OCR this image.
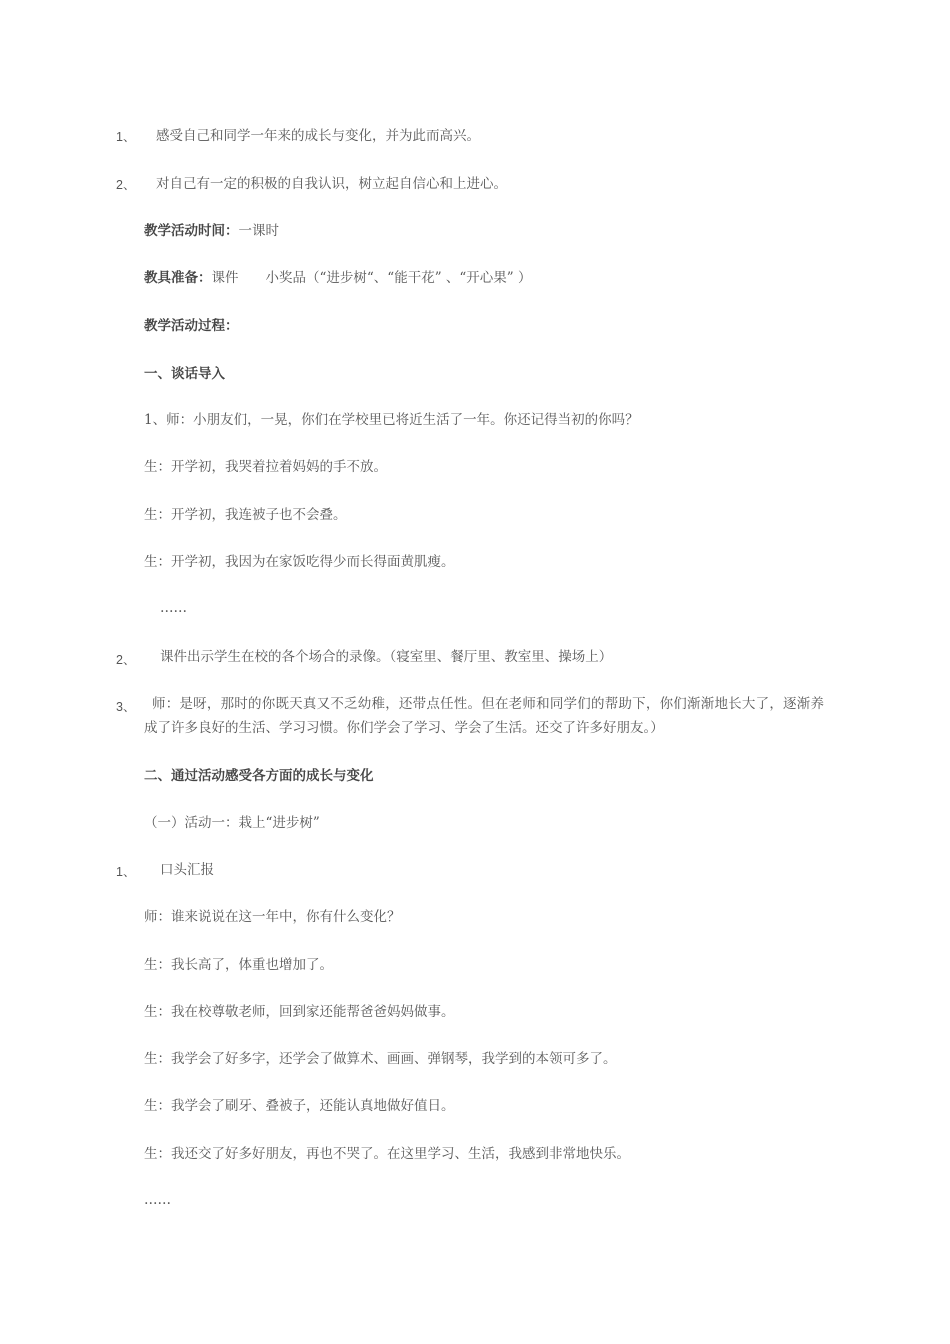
1、 感受自己和同学一年来的成长与变化，并为此而高兴。
2、 对自己有一定的积极的自我认识，树立起自信心和上进心。
教学活动时间：一课时
教具准备：课件　　小奖品（“进步树“、“能干花” 、“开心果” ）
教学活动过程：
一、谈话导入
1、师：小朋友们，一晃，你们在学校里已将近生活了一年。你还记得当初的你吗？
生：开学初，我哭着拉着妈妈的手不放。
生：开学初，我连被子也不会叠。
生：开学初，我因为在家饭吃得少而长得面黄肌瘦。
……
2、 课件出示学生在校的各个场合的录像。（寝室里、餐厅里、教室里、操场上）
3、	师：是呀，那时的你既天真又不乏幼稚，还带点任性。但在老师和同学们的帮助下，你们渐渐地长大了，逐渐养成了许多良好的生活、学习习惯。你们学会了学习、学会了生活。还交了许多好朋友。）
二、通过活动感受各方面的成长与变化
（一）活动一：栽上“进步树”
1、 口头汇报
师：谁来说说在这一年中，你有什么变化？
生：我长高了，体重也增加了。
生：我在校尊敬老师，回到家还能帮爸爸妈妈做事。
生：我学会了好多字，还学会了做算术、画画、弹钢琴，我学到的本领可多了。
生：我学会了刷牙、叠被子，还能认真地做好值日。
生：我还交了好多好朋友，再也不哭了。在这里学习、生活，我感到非常地快乐。
……
